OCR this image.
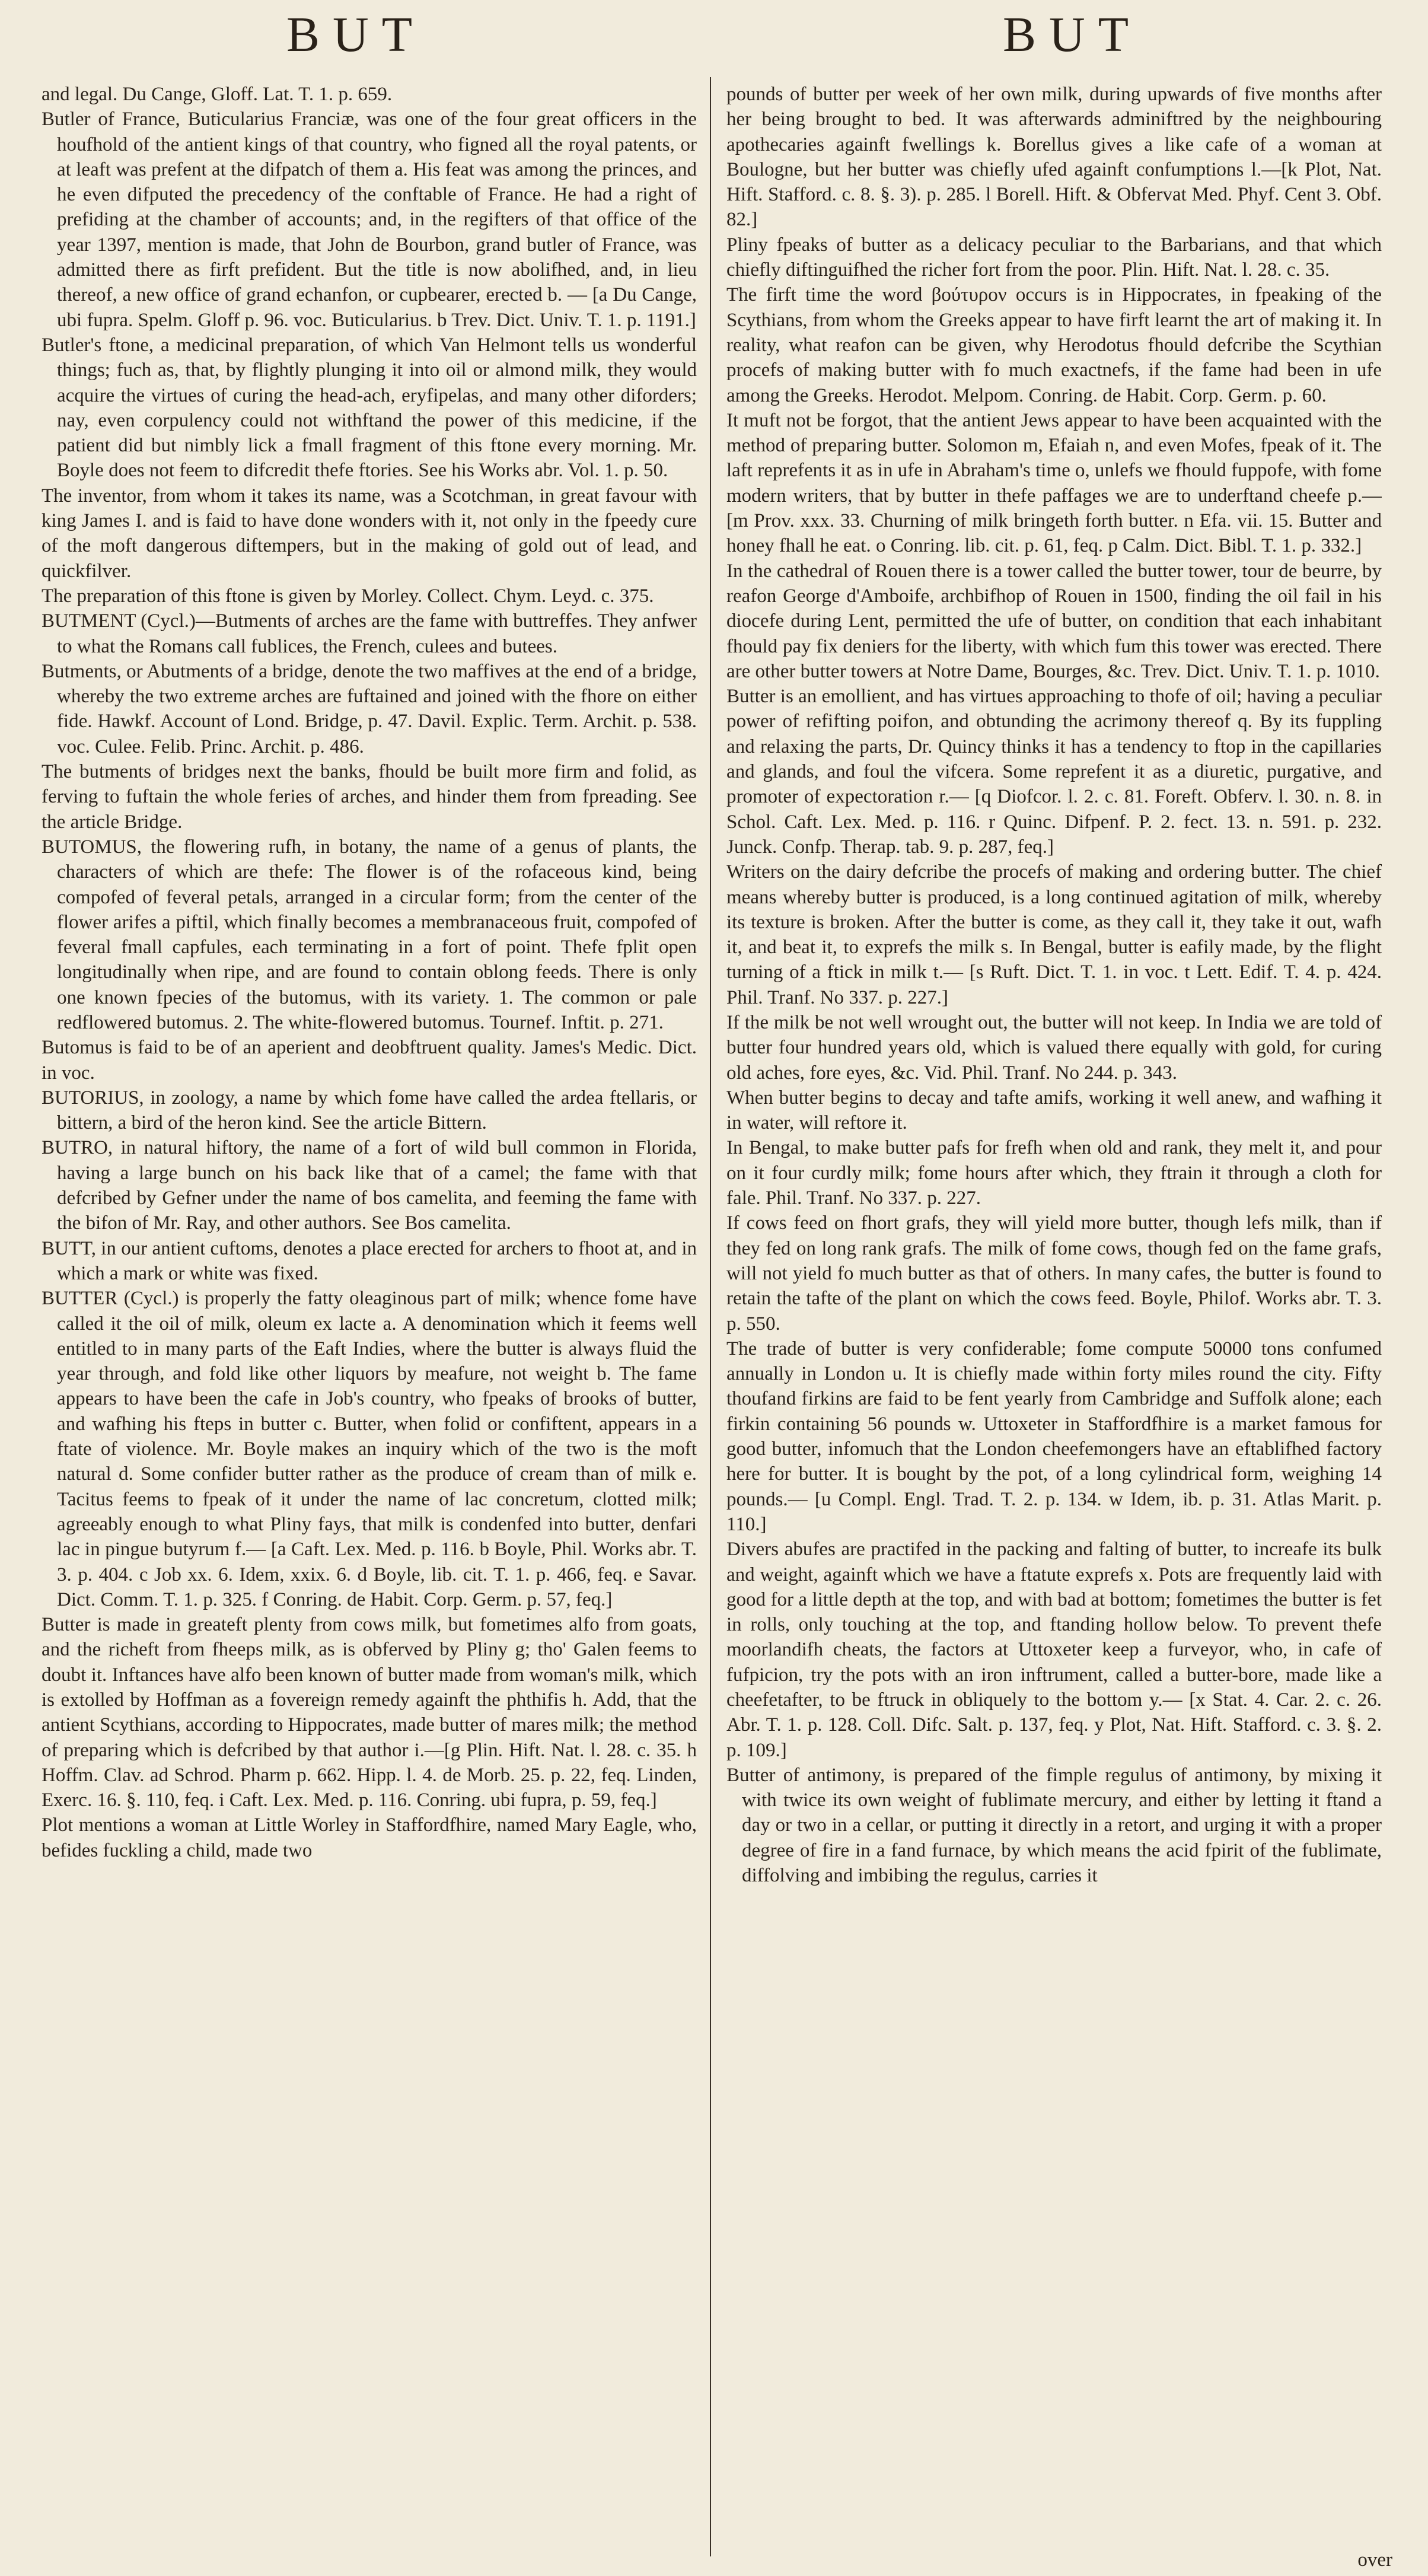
BUT	BUT

and legal. Du Cange, Gloff. Lat. T. 1. p. 659.

Butler of France, Buticularius Franciæ, was one of the four great officers in the houfhold of the antient kings of that country, who figned all the royal patents, or at leaft was prefent at the difpatch of them a. His feat was among the princes, and he even difputed the precedency of the conftable of France. He had a right of prefiding at the chamber of accounts; and, in the regifters of that office of the year 1397, mention is made, that John de Bourbon, grand butler of France, was admitted there as firft prefident. But the title is now abolifhed, and, in lieu thereof, a new office of grand echanfon, or cupbearer, erected b. — [a Du Cange, ubi fupra. Spelm. Gloff p. 96. voc. Buticularius. b Trev. Dict. Univ. T. 1. p. 1191.]

Butler's ftone, a medicinal preparation, of which Van Helmont tells us wonderful things; fuch as, that, by flightly plunging it into oil or almond milk, they would acquire the virtues of curing the head-ach, eryfipelas, and many other diforders; nay, even corpulency could not withftand the power of this medicine, if the patient did but nimbly lick a fmall fragment of this ftone every morning. Mr. Boyle does not feem to difcredit thefe ftories. See his Works abr. Vol. 1. p. 50.

The inventor, from whom it takes its name, was a Scotchman, in great favour with king James I. and is faid to have done wonders with it, not only in the fpeedy cure of the moft dangerous diftempers, but in the making of gold out of lead, and quickfilver.

The preparation of this ftone is given by Morley. Collect. Chym. Leyd. c. 375.

BUTMENT (Cycl.)—Butments of arches are the fame with buttreffes. They anfwer to what the Romans call fublices, the French, culees and butees.

Butments, or Abutments of a bridge, denote the two maffives at the end of a bridge, whereby the two extreme arches are fuftained and joined with the fhore on either fide. Hawkf. Account of Lond. Bridge, p. 47. Davil. Explic. Term. Archit. p. 538. voc. Culee. Felib. Princ. Archit. p. 486.

The butments of bridges next the banks, fhould be built more firm and folid, as ferving to fuftain the whole feries of arches, and hinder them from fpreading. See the article Bridge.

BUTOMUS, the flowering rufh, in botany, the name of a genus of plants, the characters of which are thefe: The flower is of the rofaceous kind, being compofed of feveral petals, arranged in a circular form; from the center of the flower arifes a piftil, which finally becomes a membranaceous fruit, compofed of feveral fmall capfules, each terminating in a fort of point. Thefe fplit open longitudinally when ripe, and are found to contain oblong feeds. There is only one known fpecies of the butomus, with its variety. 1. The common or pale redflowered butomus. 2. The white-flowered butomus. Tournef. Inftit. p. 271.

Butomus is faid to be of an aperient and deobftruent quality. James's Medic. Dict. in voc.

BUTORIUS, in zoology, a name by which fome have called the ardea ftellaris, or bittern, a bird of the heron kind. See the article Bittern.

BUTRO, in natural hiftory, the name of a fort of wild bull common in Florida, having a large bunch on his back like that of a camel; the fame with that defcribed by Gefner under the name of bos camelita, and feeming the fame with the bifon of Mr. Ray, and other authors. See Bos camelita.

BUTT, in our antient cuftoms, denotes a place erected for archers to fhoot at, and in which a mark or white was fixed.

BUTTER (Cycl.) is properly the fatty oleaginous part of milk; whence fome have called it the oil of milk, oleum ex lacte a. A denomination which it feems well entitled to in many parts of the Eaft Indies, where the butter is always fluid the year through, and fold like other liquors by meafure, not weight b. The fame appears to have been the cafe in Job's country, who fpeaks of brooks of butter, and wafhing his fteps in butter c. Butter, when folid or confiftent, appears in a ftate of violence. Mr. Boyle makes an inquiry which of the two is the moft natural d. Some confider butter rather as the produce of cream than of milk e. Tacitus feems to fpeak of it under the name of lac concretum, clotted milk; agreeably enough to what Pliny fays, that milk is condenfed into butter, denfari lac in pingue butyrum f.— [a Caft. Lex. Med. p. 116. b Boyle, Phil. Works abr. T. 3. p. 404. c Job xx. 6. Idem, xxix. 6. d Boyle, lib. cit. T. 1. p. 466, feq. e Savar. Dict. Comm. T. 1. p. 325. f Conring. de Habit. Corp. Germ. p. 57, feq.]

Butter is made in greateft plenty from cows milk, but fometimes alfo from goats, and the richeft from fheeps milk, as is obferved by Pliny g; tho' Galen feems to doubt it. Inftances have alfo been known of butter made from woman's milk, which is extolled by Hoffman as a fovereign remedy againft the phthifis h. Add, that the antient Scythians, according to Hippocrates, made butter of mares milk; the method of preparing which is defcribed by that author i.—[g Plin. Hift. Nat. l. 28. c. 35. h Hoffm. Clav. ad Schrod. Pharm p. 662. Hipp. l. 4. de Morb. 25. p. 22, feq. Linden, Exerc. 16. §. 110, feq. i Caft. Lex. Med. p. 116. Conring. ubi fupra, p. 59, feq.]

Plot mentions a woman at Little Worley in Staffordfhire, named Mary Eagle, who, befides fuckling a child, made two

pounds of butter per week of her own milk, during upwards of five months after her being brought to bed. It was afterwards adminiftred by the neighbouring apothecaries againft fwellings k. Borellus gives a like cafe of a woman at Boulogne, but her butter was chiefly ufed againft confumptions l.—[k Plot, Nat. Hift. Stafford. c. 8. §. 3). p. 285. l Borell. Hift. & Obfervat Med. Phyf. Cent 3. Obf. 82.]

Pliny fpeaks of butter as a delicacy peculiar to the Barbarians, and that which chiefly diftinguifhed the richer fort from the poor. Plin. Hift. Nat. l. 28. c. 35.

The firft time the word βούτυρον occurs is in Hippocrates, in fpeaking of the Scythians, from whom the Greeks appear to have firft learnt the art of making it. In reality, what reafon can be given, why Herodotus fhould defcribe the Scythian procefs of making butter with fo much exactnefs, if the fame had been in ufe among the Greeks. Herodot. Melpom. Conring. de Habit. Corp. Germ. p. 60.

It muft not be forgot, that the antient Jews appear to have been acquainted with the method of preparing butter. Solomon m, Efaiah n, and even Mofes, fpeak of it. The laft reprefents it as in ufe in Abraham's time o, unlefs we fhould fuppofe, with fome modern writers, that by butter in thefe paffages we are to underftand cheefe p.— [m Prov. xxx. 33. Churning of milk bringeth forth butter. n Efa. vii. 15. Butter and honey fhall he eat. o Conring. lib. cit. p. 61, feq. p Calm. Dict. Bibl. T. 1. p. 332.]

In the cathedral of Rouen there is a tower called the butter tower, tour de beurre, by reafon George d'Amboife, archbifhop of Rouen in 1500, finding the oil fail in his diocefe during Lent, permitted the ufe of butter, on condition that each inhabitant fhould pay fix deniers for the liberty, with which fum this tower was erected. There are other butter towers at Notre Dame, Bourges, &c. Trev. Dict. Univ. T. 1. p. 1010.

Butter is an emollient, and has virtues approaching to thofe of oil; having a peculiar power of refifting poifon, and obtunding the acrimony thereof q. By its fuppling and relaxing the parts, Dr. Quincy thinks it has a tendency to ftop in the capillaries and glands, and foul the vifcera. Some reprefent it as a diuretic, purgative, and promoter of expectoration r.— [q Diofcor. l. 2. c. 81. Foreft. Obferv. l. 30. n. 8. in Schol. Caft. Lex. Med. p. 116. r Quinc. Difpenf. P. 2. fect. 13. n. 591. p. 232. Junck. Confp. Therap. tab. 9. p. 287, feq.]

Writers on the dairy defcribe the procefs of making and ordering butter. The chief means whereby butter is produced, is a long continued agitation of milk, whereby its texture is broken. After the butter is come, as they call it, they take it out, wafh it, and beat it, to exprefs the milk s. In Bengal, butter is eafily made, by the flight turning of a ftick in milk t.— [s Ruft. Dict. T. 1. in voc. t Lett. Edif. T. 4. p. 424. Phil. Tranf. No 337. p. 227.]

If the milk be not well wrought out, the butter will not keep. In India we are told of butter four hundred years old, which is valued there equally with gold, for curing old aches, fore eyes, &c. Vid. Phil. Tranf. No 244. p. 343.

When butter begins to decay and tafte amifs, working it well anew, and wafhing it in water, will reftore it.

In Bengal, to make butter pafs for frefh when old and rank, they melt it, and pour on it four curdly milk; fome hours after which, they ftrain it through a cloth for fale. Phil. Tranf. No 337. p. 227.

If cows feed on fhort grafs, they will yield more butter, though lefs milk, than if they fed on long rank grafs. The milk of fome cows, though fed on the fame grafs, will not yield fo much butter as that of others. In many cafes, the butter is found to retain the tafte of the plant on which the cows feed. Boyle, Philof. Works abr. T. 3. p. 550.

The trade of butter is very confiderable; fome compute 50000 tons confumed annually in London u. It is chiefly made within forty miles round the city. Fifty thoufand firkins are faid to be fent yearly from Cambridge and Suffolk alone; each firkin containing 56 pounds w. Uttoxeter in Staffordfhire is a market famous for good butter, infomuch that the London cheefemongers have an eftablifhed factory here for butter. It is bought by the pot, of a long cylindrical form, weighing 14 pounds.— [u Compl. Engl. Trad. T. 2. p. 134. w Idem, ib. p. 31. Atlas Marit. p. 110.]

Divers abufes are practifed in the packing and falting of butter, to increafe its bulk and weight, againft which we have a ftatute exprefs x. Pots are frequently laid with good for a little depth at the top, and with bad at bottom; fometimes the butter is fet in rolls, only touching at the top, and ftanding hollow below. To prevent thefe moorlandifh cheats, the factors at Uttoxeter keep a furveyor, who, in cafe of fufpicion, try the pots with an iron inftrument, called a butter-bore, made like a cheefetafter, to be ftruck in obliquely to the bottom y.— [x Stat. 4. Car. 2. c. 26. Abr. T. 1. p. 128. Coll. Difc. Salt. p. 137, feq. y Plot, Nat. Hift. Stafford. c. 3. §. 2. p. 109.]

Butter of antimony, is prepared of the fimple regulus of antimony, by mixing it with twice its own weight of fublimate mercury, and either by letting it ftand a day or two in a cellar, or putting it directly in a retort, and urging it with a proper degree of fire in a fand furnace, by which means the acid fpirit of the fublimate, diffolving and imbibing the regulus, carries it

over
